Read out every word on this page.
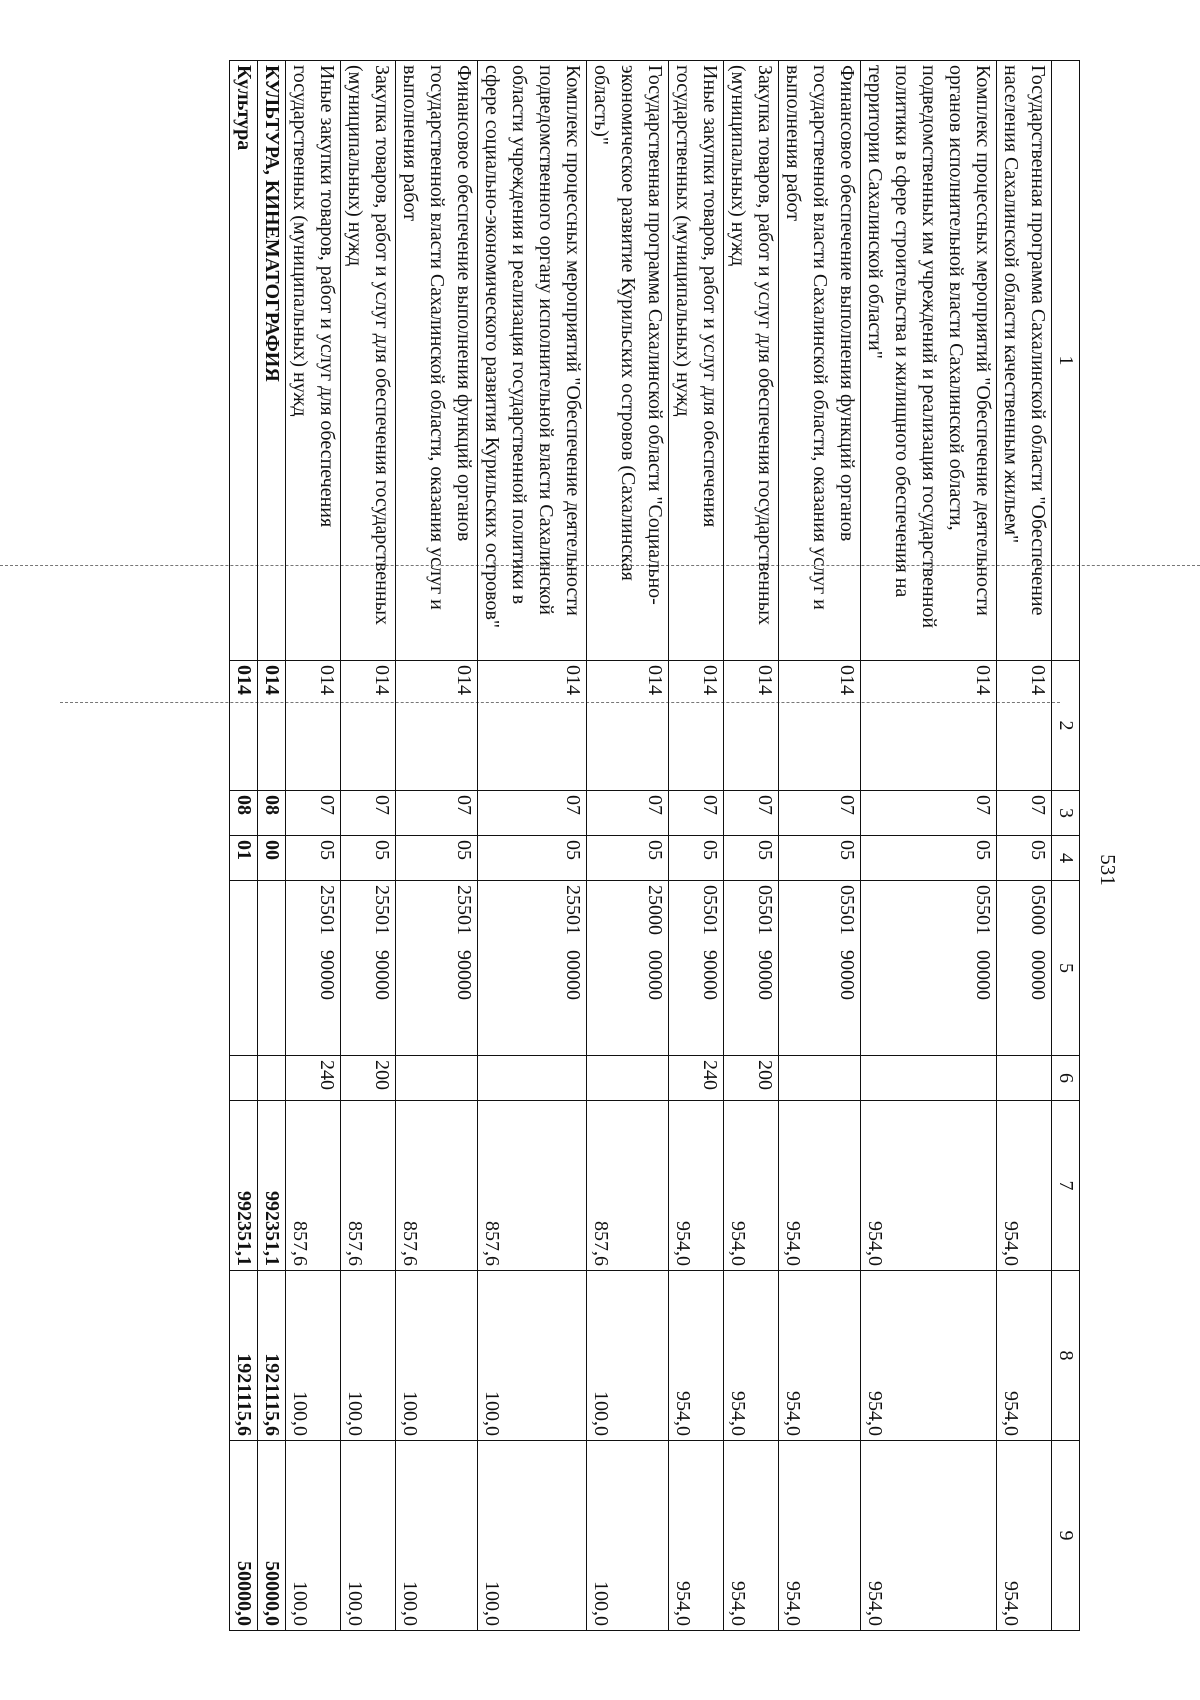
531
1	2	3	4	5	6	7	8	9
Государственная программа Сахалинской области "Обеспечение населения Сахалинской области качественным жильем"	014	07	05	05000   00000		954,0	954,0	954,0
Комплекс процессных мероприятий "Обеспечение деятельности органов исполнительной власти Сахалинской области, подведомственных им учреждений и реализация государственной политики в сфере строительства и жилищного обеспечения на территории Сахалинской области"	014	07	05	05501   00000		954,0	954,0	954,0
Финансовое обеспечение выполнения функций органов государственной власти Сахалинской области, оказания услуг и выполнения работ	014	07	05	05501   90000		954,0	954,0	954,0
Закупка товаров, работ и услуг для обеспечения государственных (муниципальных) нужд	014	07	05	05501   90000	200	954,0	954,0	954,0
Иные закупки товаров, работ и услуг для обеспечения государственных (муниципальных) нужд	014	07	05	05501   90000	240	954,0	954,0	954,0
Государственная программа Сахалинской области "Социально-экономическое развитие Курильских островов (Сахалинская область)"	014	07	05	25000   00000		857,6	100,0	100,0
Комплекс процессных мероприятий "Обеспечение деятельности подведомственного органу исполнительной власти Сахалинской области учреждения и реализация государственной политики в сфере социально-экономического развития Курильских островов"	014	07	05	25501   00000		857,6	100,0	100,0
Финансовое обеспечение выполнения функций органов государственной власти Сахалинской области, оказания услуг и выполнения работ	014	07	05	25501   90000		857,6	100,0	100,0
Закупка товаров, работ и услуг для обеспечения государственных (муниципальных) нужд	014	07	05	25501   90000	200	857,6	100,0	100,0
Иные закупки товаров, работ и услуг для обеспечения государственных (муниципальных) нужд	014	07	05	25501   90000	240	857,6	100,0	100,0
КУЛЬТУРА, КИНЕМАТОГРАФИЯ	014	08	00			992351,1	1921115,6	50000,0
Культура	014	08	01			992351,1	1921115,6	50000,0
